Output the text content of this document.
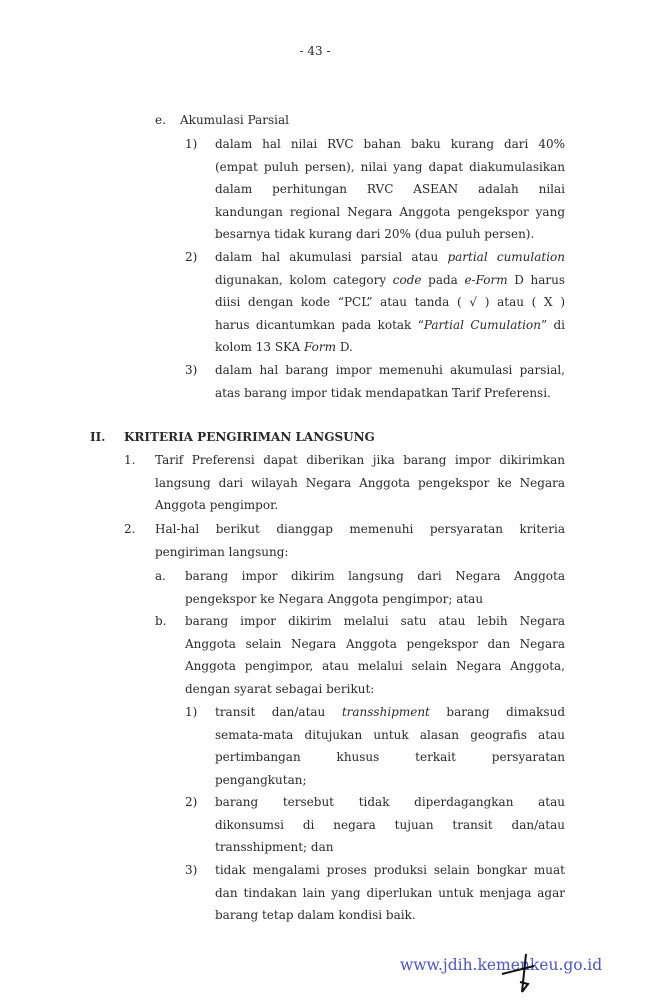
- 43 -
e. Akumulasi Parsial
1) dalam hal nilai RVC bahan baku kurang dari 40%
(empat puluh persen), nilai yang dapat diakumulasikan
dalam perhitungan RVC ASEAN adalah nilai
kandungan regional Negara Anggota pengekspor yang
besarnya tidak kurang dari 20% (dua puluh persen).
2) dalam hal akumulasi parsial atau partial cumulation
digunakan, kolom category code pada e-Form D harus
diisi dengan kode “PCL” atau tanda ( √ ) atau ( X )
harus dicantumkan pada kotak “Partial Cumulation” di
kolom 13 SKA Form D.
3) dalam hal barang impor memenuhi akumulasi parsial,
atas barang impor tidak mendapatkan Tarif Preferensi.
II. KRITERIA PENGIRIMAN LANGSUNG
1. Tarif Preferensi dapat diberikan jika barang impor dikirimkan
langsung dari wilayah Negara Anggota pengekspor ke Negara
Anggota pengimpor.
2. Hal-hal berikut dianggap memenuhi persyaratan kriteria
pengiriman langsung:
a. barang impor dikirim langsung dari Negara Anggota
pengekspor ke Negara Anggota pengimpor; atau
b. barang impor dikirim melalui satu atau lebih Negara
Anggota selain Negara Anggota pengekspor dan Negara
Anggota pengimpor, atau melalui selain Negara Anggota,
dengan syarat sebagai berikut:
1) transit dan/atau transshipment barang dimaksud
semata-mata ditujukan untuk alasan geografis atau
pertimbangan khusus terkait persyaratan
pengangkutan;
2) barang tersebut tidak diperdagangkan atau
dikonsumsi di negara tujuan transit dan/atau
transshipment; dan
3) tidak mengalami proses produksi selain bongkar muat
dan tindakan lain yang diperlukan untuk menjaga agar
barang tetap dalam kondisi baik.
www.jdih.kemenkeu.go.id
